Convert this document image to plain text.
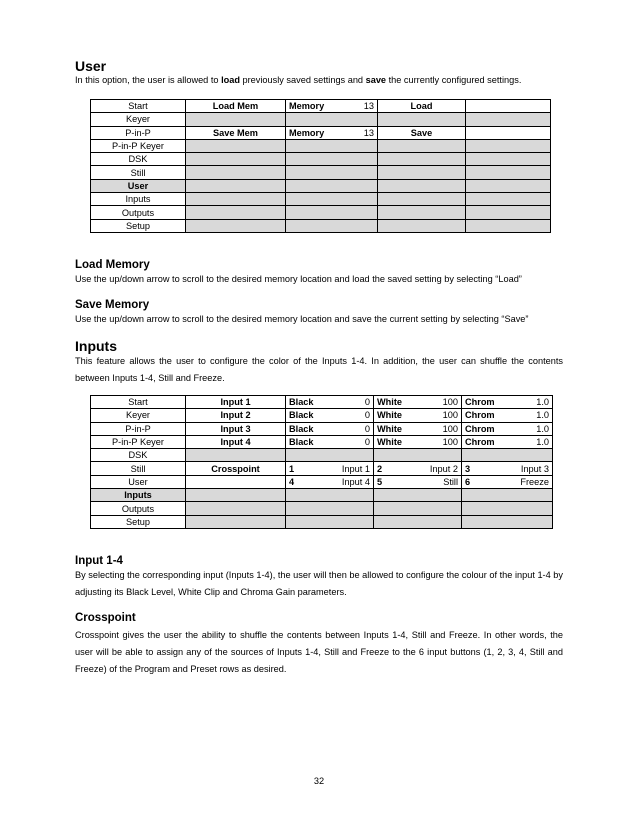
User

In this option, the user is allowed to load previously saved settings and save the currently configured settings.

Start	Load Mem	Memory 13	Load	
Keyer				
P-in-P	Save Mem	Memory 13	Save	
P-in-P Keyer				
DSK				
Still				
User				
Inputs				
Outputs				
Setup				
Load Memory

Use the up/down arrow to scroll to the desired memory location and load the saved setting by selecting “Load”

Save Memory

Use the up/down arrow to scroll to the desired memory location and save the current setting by selecting “Save”

Inputs

This feature allows the user to configure the color of the Inputs 1-4. In addition, the user can shuffle the contents between Inputs 1-4, Still and Freeze.

Start	Input 1	Black 0	White 100	Chrom 1.0

Keyer	Input 2	Black 0	White 100	Chrom 1.0

P-in-P	Input 3	Black 0	White 100	Chrom 1.0

P-in-P Keyer	Input 4	Black 0	White 100	Chrom 1.0

DSK				
Still	Crosspoint	1 Input 1	2 Input 2	3 Input 3

User		4 Input 4	5 Still	6 Freeze

Inputs				
Outputs				
Setup				
Input 1-4

By selecting the corresponding input (Inputs 1-4), the user will then be allowed to configure the colour of the input 1-4 by adjusting its Black Level, White Clip and Chroma Gain parameters.

Crosspoint

Crosspoint gives the user the ability to shuffle the contents between Inputs 1-4, Still and Freeze. In other words, the user will be able to assign any of the sources of Inputs 1-4, Still and Freeze to the 6 input buttons (1, 2, 3, 4, Still and Freeze) of the Program and Preset rows as desired.

32
